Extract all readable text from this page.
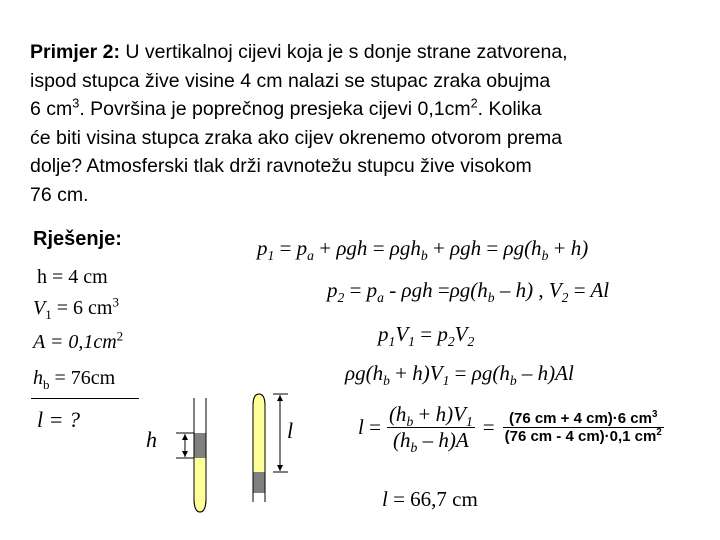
Primjer 2: U vertikalnoj cijevi koja je s donje strane zatvorena,
ispod stupca žive visine 4 cm nalazi se stupac zraka obujma
6 $cm^3$. Površina je poprečnog presjeka cijevi $0,1cm^2$. Kolika
će biti visina stupca zraka ako cijev okrenemo otvorom prema
dolje? Atmosferski tlak drži ravnotežu stupcu žive visokom
76 cm.
Rješenje:
h = 4 cm
$V_1 = 6$ $cm^3$
$A = 0,1cm^2$
$h_b = 76cm$
l = ?
$p_1 = p_a + \rho gh = \rho gh_b + \rho gh = \rho g(h_b + h)$
$p_2 = p_a - \rho gh =\rho g(h_b - h)$ , $V_2 = Al$
$p_1V_1 = p_2V_2$
$\rho g(h_b + h)V_1 = \rho g(h_b - h)Al$
$l = \frac{(h_b + h)V_1}{(h_b - h)A} = \frac{(76 cm + 4 cm)\cdot 6 cm^3}{(76 cm - 4 cm)\cdot 0,1 cm^2}$
l = 66,7 cm
h	l
